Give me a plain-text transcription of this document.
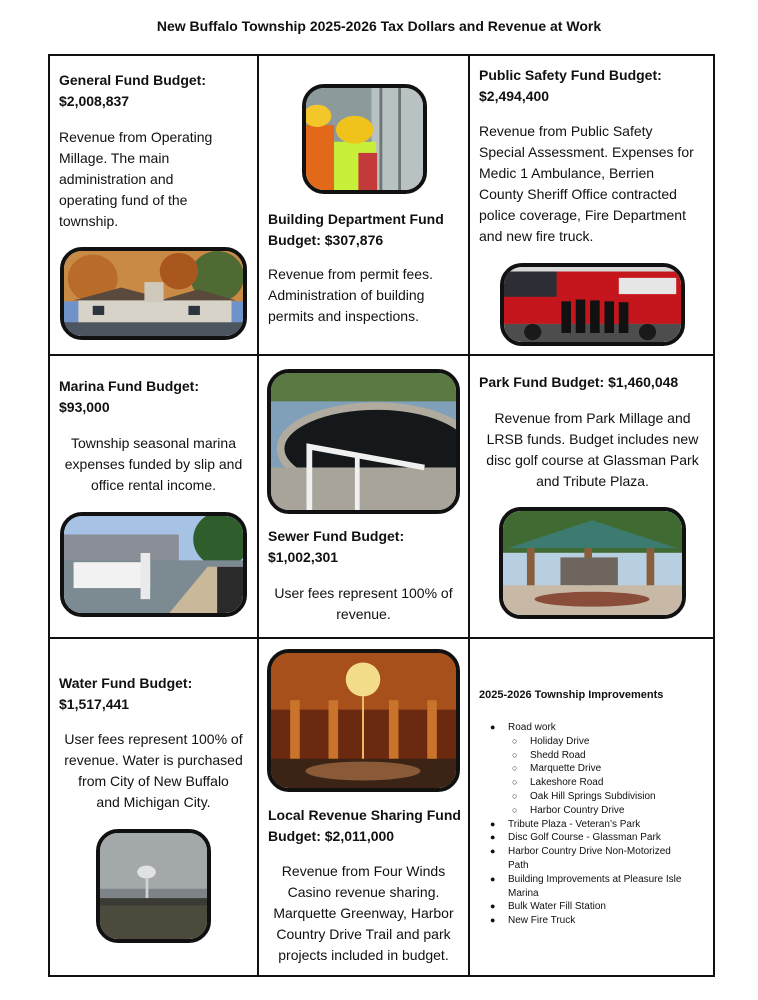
New Buffalo Township 2025-2026 Tax Dollars and Revenue at Work
General Fund Budget:
$2,008,837
Revenue from Operating
Millage. The main
administration and
operating fund of the
township.	Building Department Fund
Budget: $307,876
Revenue from permit fees.
Administration of building
permits and inspections.
Public Safety Fund Budget:
$2,494,400
Revenue from Public Safety
Special Assessment. Expenses for
Medic 1 Ambulance, Berrien
County Sheriff Office contracted
police coverage, Fire Department
and new fire truck.
Marina Fund Budget:
$93,000
Township seasonal marina
expenses funded by slip and
office rental income.
Sewer Fund Budget:
$1,002,301
User fees represent 100% of
revenue.
Park Fund Budget: $1,460,048
Revenue from Park Millage and
LRSB funds. Budget includes new
disc golf course at Glassman Park
and Tribute Plaza.
Water Fund Budget:
$1,517,441
User fees represent 100% of
revenue. Water is purchased
from City of New Buffalo
and Michigan City.
Local Revenue Sharing Fund
Budget: $2,011,000
Revenue from Four Winds
Casino revenue sharing.
Marquette Greenway, Harbor
Country Drive Trail and park
projects included in budget.
2025-2026 Township Improvements
● Road work
○ Holiday Drive
○ Shedd Road
○ Marquette Drive
○ Lakeshore Road
○ Oak Hill Springs Subdivision
○ Harbor Country Drive
● Tribute Plaza - Veteran’s Park
● Disc Golf Course - Glassman Park
● Harbor Country Drive Non-Motorized
Path
● Building Improvements at Pleasure Isle
Marina
● Bulk Water Fill Station
● New Fire Truck
